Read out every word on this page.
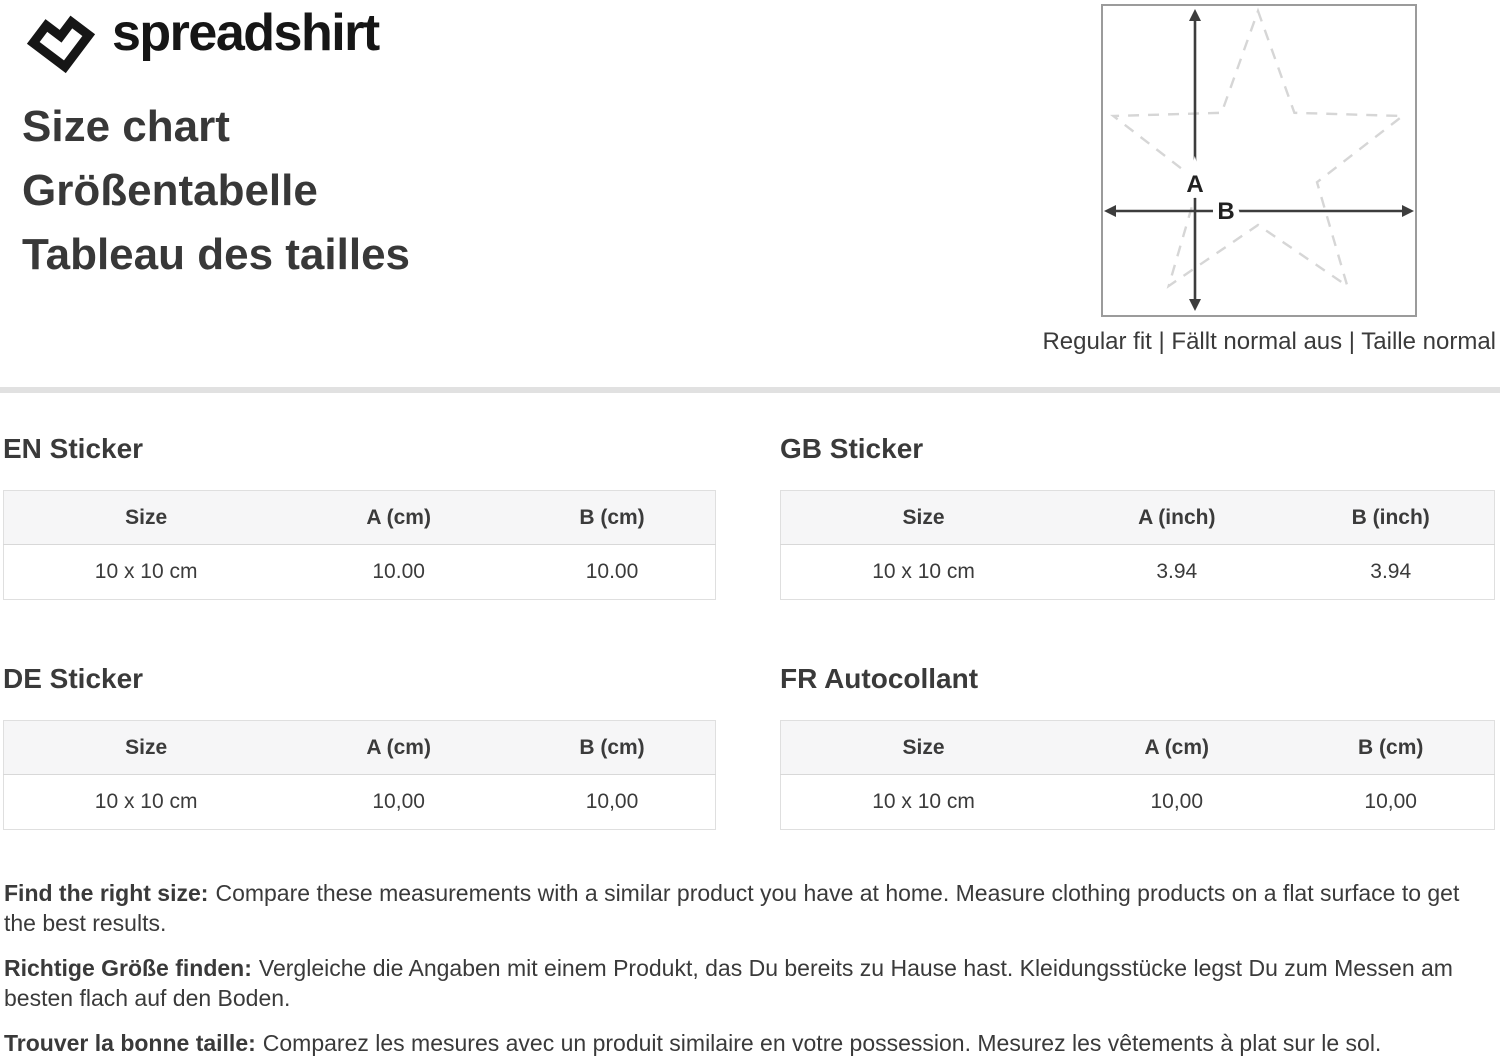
spreadshirt
Size chart
Größentabelle
Tableau des tailles
A
B
Regular fit | Fällt normal aus | Taille normal
EN Sticker
Size	A (cm)	B (cm)
10 x 10 cm	10.00	10.00
GB Sticker
Size	A (inch)	B (inch)
10 x 10 cm	3.94	3.94
DE Sticker
Size	A (cm)	B (cm)
10 x 10 cm	10,00	10,00
FR Autocollant
Size	A (cm)	B (cm)
10 x 10 cm	10,00	10,00

Find the right size: Compare these measurements with a similar product you have at home. Measure clothing products on a flat surface to get the best results.

Richtige Größe finden: Vergleiche die Angaben mit einem Produkt, das Du bereits zu Hause hast. Kleidungsstücke legst Du zum Messen am besten flach auf den Boden.

Trouver la bonne taille: Comparez les mesures avec un produit similaire en votre possession. Mesurez les vêtements à plat sur le sol.
